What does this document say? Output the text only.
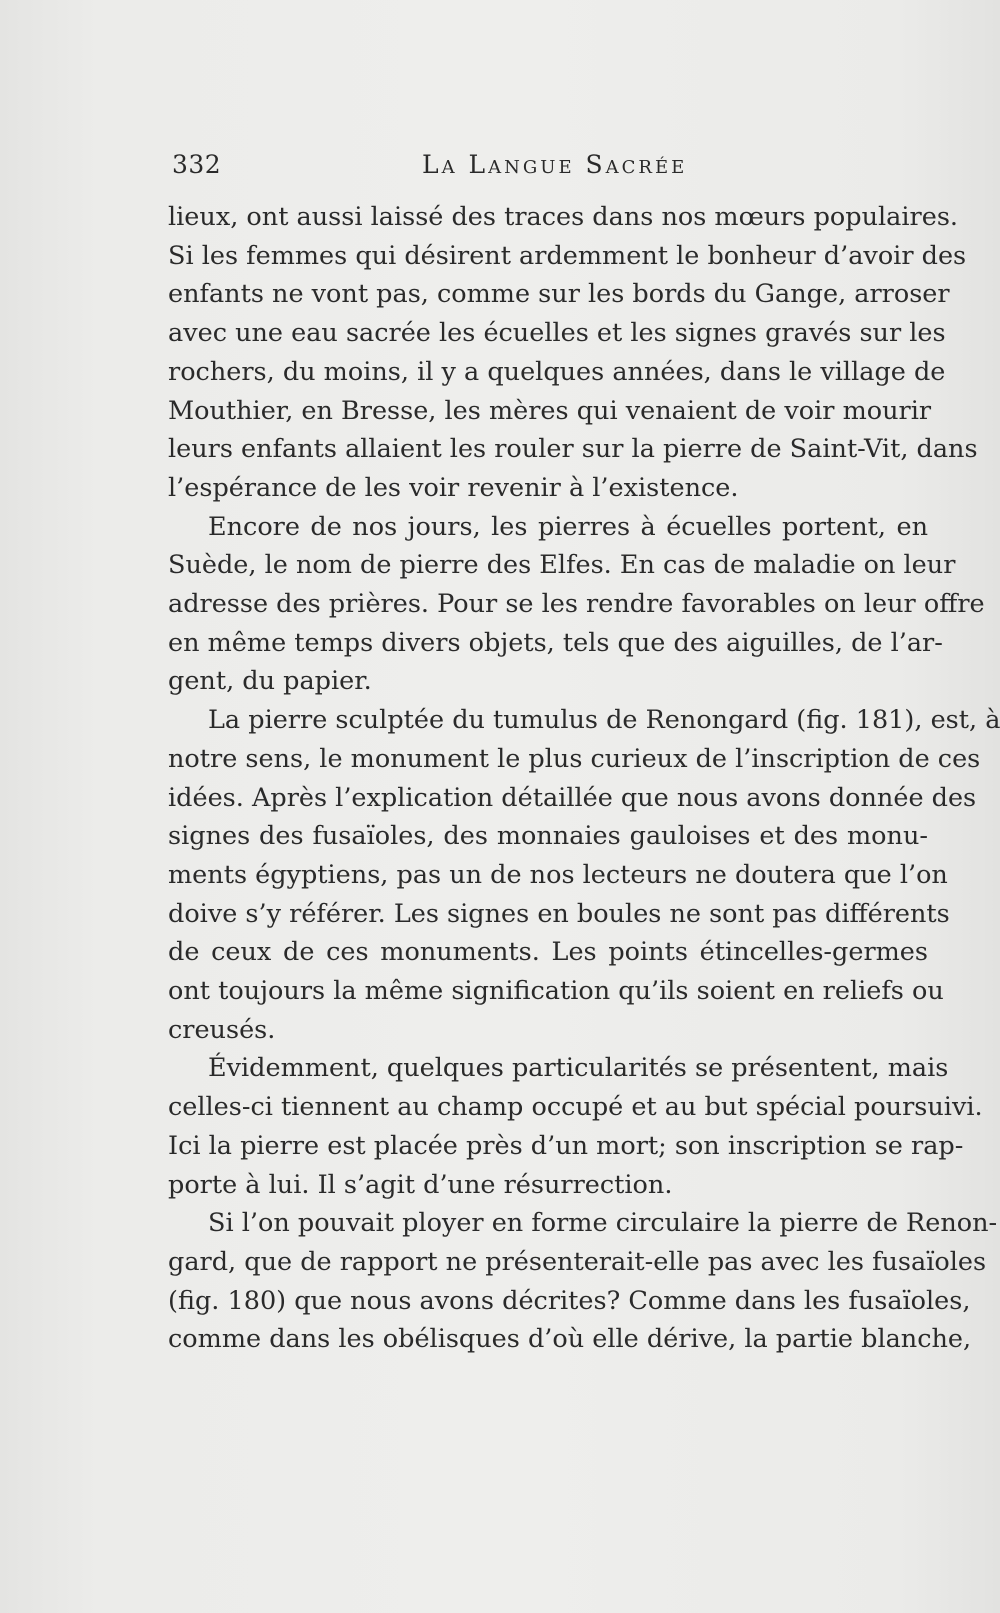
332	La Langue Sacrée

lieux, ont aussi laissé des traces dans nos mœurs populaires.
Si les femmes qui désirent ardemment le bonheur d’avoir des
enfants ne vont pas, comme sur les bords du Gange, arroser
avec une eau sacrée les écuelles et les signes gravés sur les
rochers, du moins, il y a quelques années, dans le village de
Mouthier, en Bresse, les mères qui venaient de voir mourir
leurs enfants allaient les rouler sur la pierre de Saint-Vit, dans
l’espérance de les voir revenir à l’existence.

Encore de nos jours, les pierres à écuelles portent, en
Suède, le nom de pierre des Elfes. En cas de maladie on leur
adresse des prières. Pour se les rendre favorables on leur offre
en même temps divers objets, tels que des aiguilles, de l’ar-
gent, du papier.

La pierre sculptée du tumulus de Renongard (fig. 181), est, à
notre sens, le monument le plus curieux de l’inscription de ces
idées. Après l’explication détaillée que nous avons donnée des
signes des fusaïoles, des monnaies gauloises et des monu-
ments égyptiens, pas un de nos lecteurs ne doutera que l’on
doive s’y référer. Les signes en boules ne sont pas différents
de ceux de ces monuments. Les points étincelles-germes
ont toujours la même signification qu’ils soient en reliefs ou
creusés.

Évidemment, quelques particularités se présentent, mais
celles-ci tiennent au champ occupé et au but spécial poursuivi.
Ici la pierre est placée près d’un mort; son inscription se rap-
porte à lui. Il s’agit d’une résurrection.

Si l’on pouvait ployer en forme circulaire la pierre de Renon-
gard, que de rapport ne présenterait-elle pas avec les fusaïoles
(fig. 180) que nous avons décrites? Comme dans les fusaïoles,
comme dans les obélisques d’où elle dérive, la partie blanche,
